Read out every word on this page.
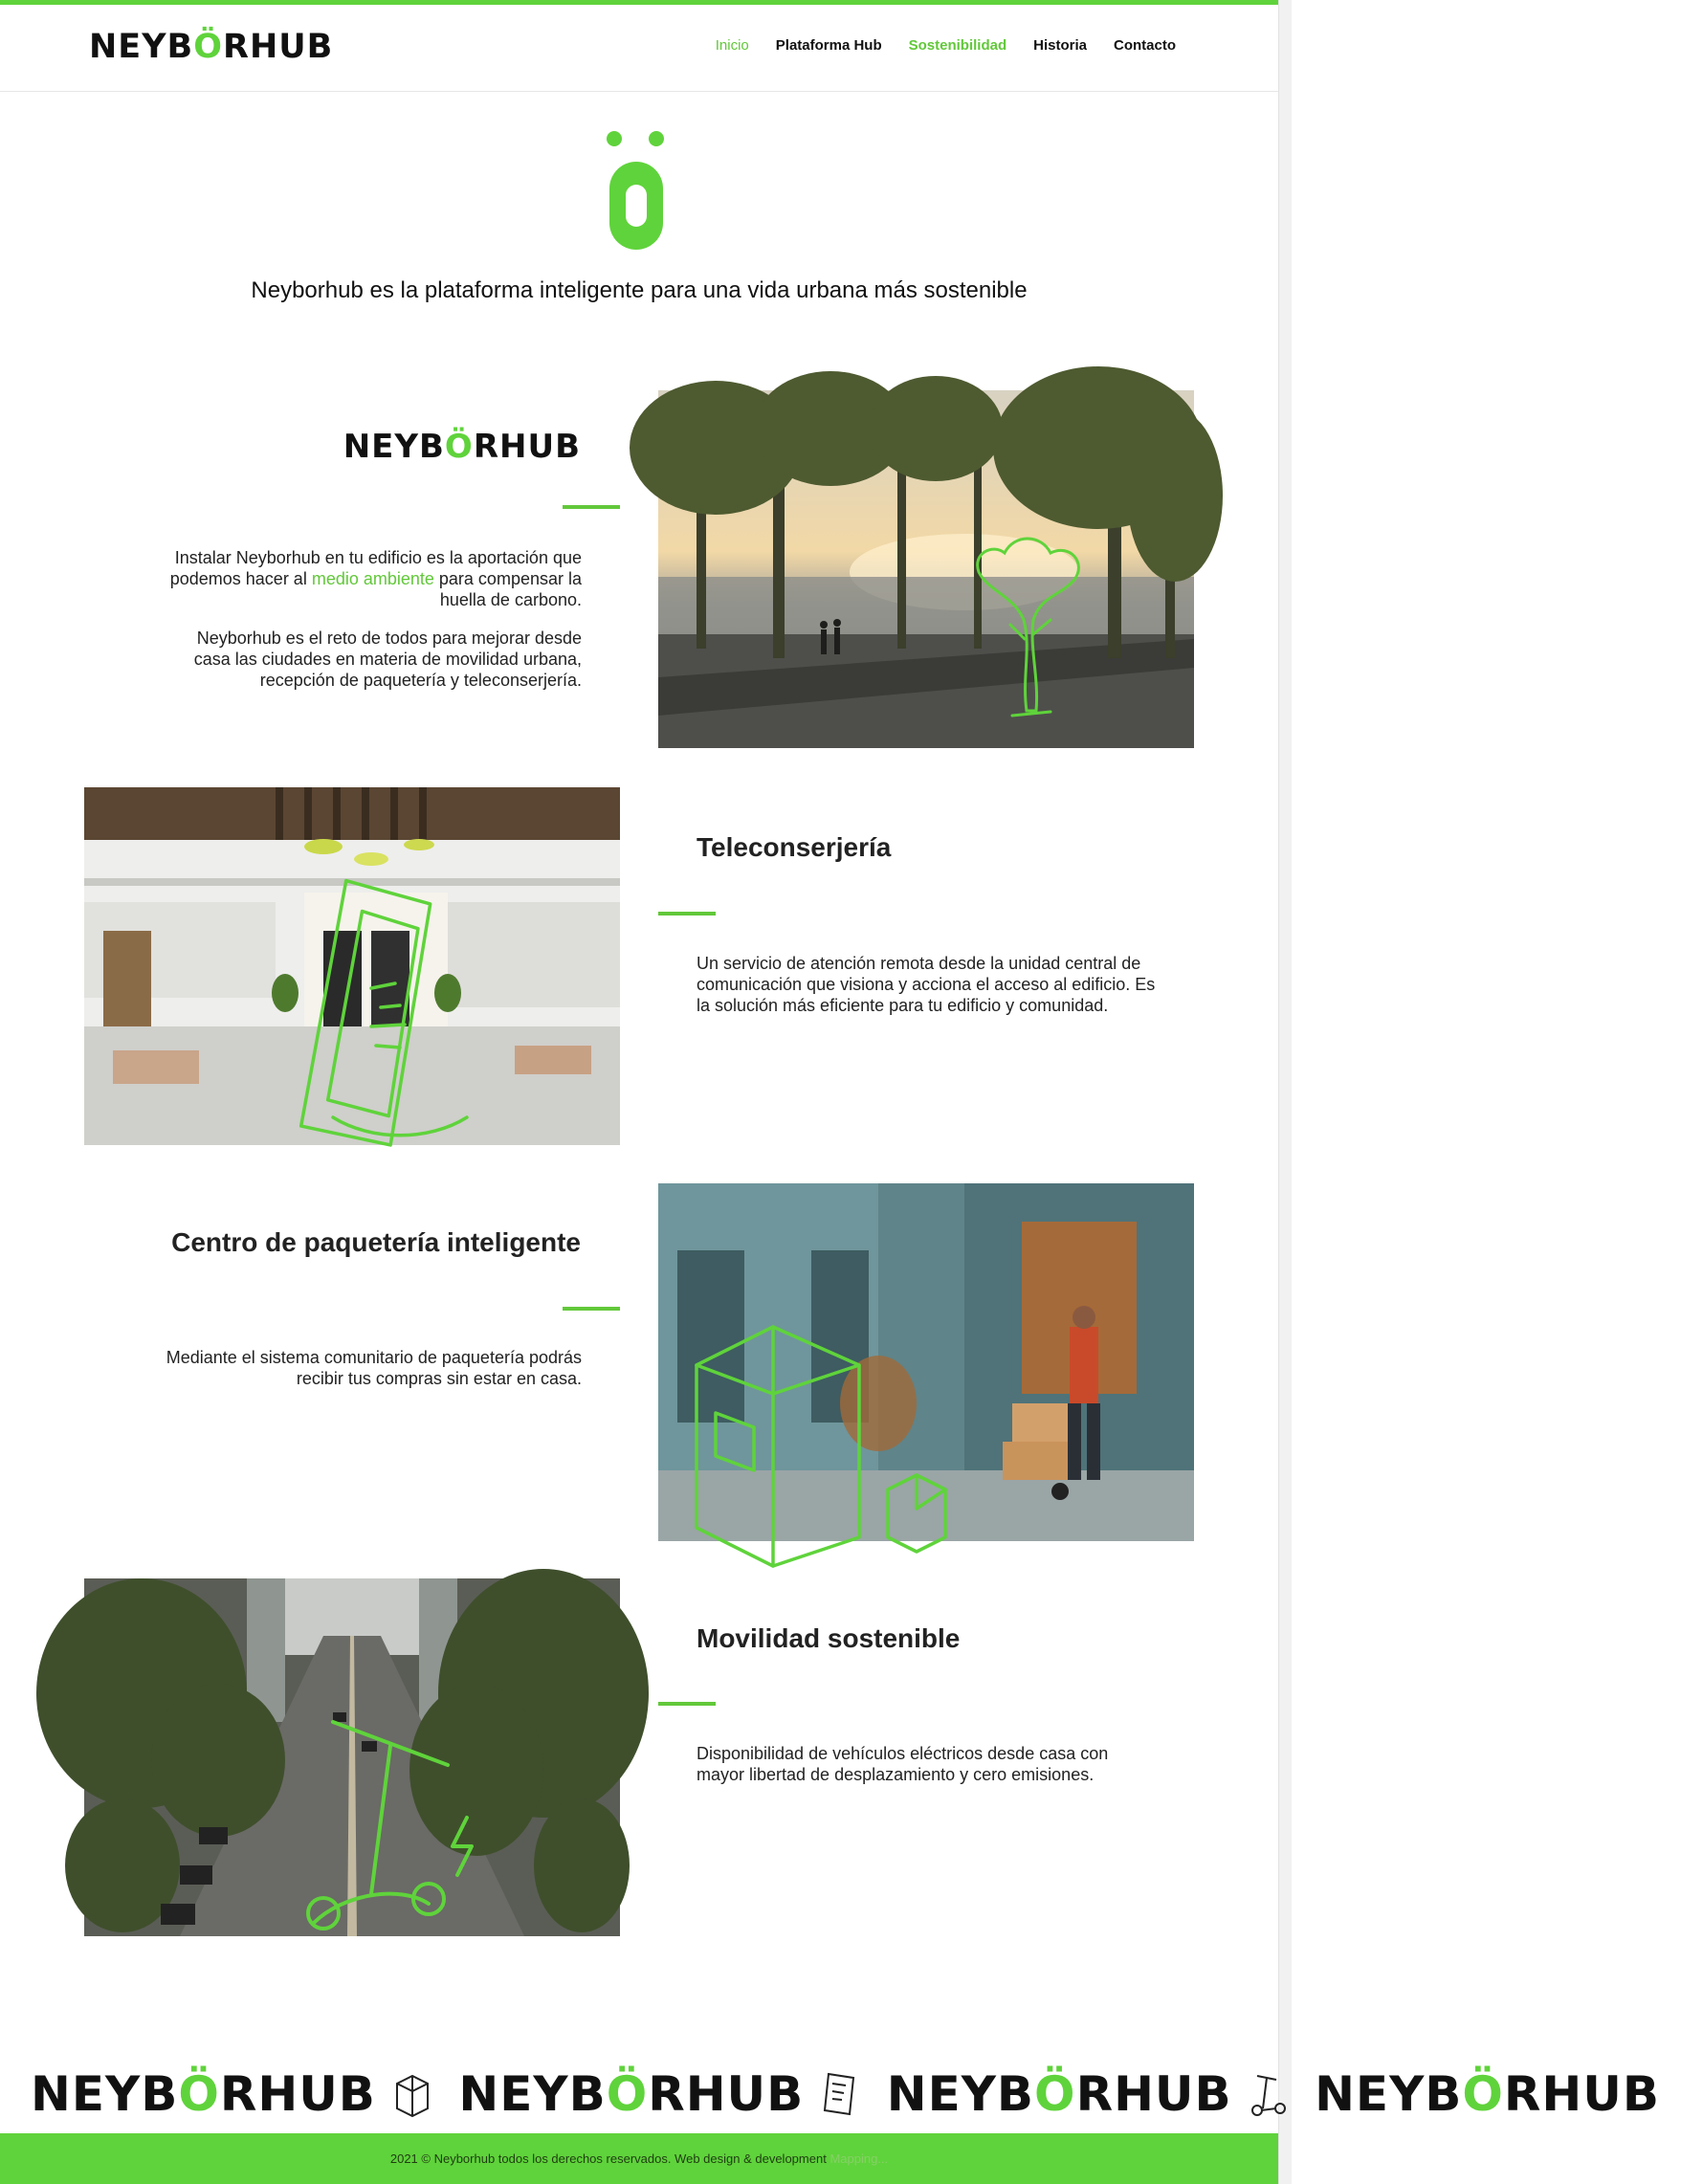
NEYBÖRHUB	Inicio Plataforma Hub Sostenibilidad Historia Contacto
Neyborhub es la plataforma inteligente para una vida urbana más sostenible
NEYBÖRHUB
Instalar Neyborhub en tu edificio es la aportación que podemos hacer al medio ambiente para compensar la huella de carbono.
Neyborhub es el reto de todos para mejorar desde casa las ciudades en materia de movilidad urbana, recepción de paquetería y teleconserjería.
Teleconserjería
Un servicio de atención remota desde la unidad central de comunicación que visiona y acciona el acceso al edificio. Es la solución más eficiente para tu edificio y comunidad.
Centro de paquetería inteligente
Mediante el sistema comunitario de paquetería podrás recibir tus compras sin estar en casa.
Movilidad sostenible
Disponibilidad de vehículos eléctricos desde casa con mayor libertad de desplazamiento y cero emisiones.
NEYBÖRHUB
NEYBÖRHUB
NEYBÖRHUB
NEYBÖRHUB
2021 © Neyborhub todos los derechos reservados. Web design & development Mapping...
